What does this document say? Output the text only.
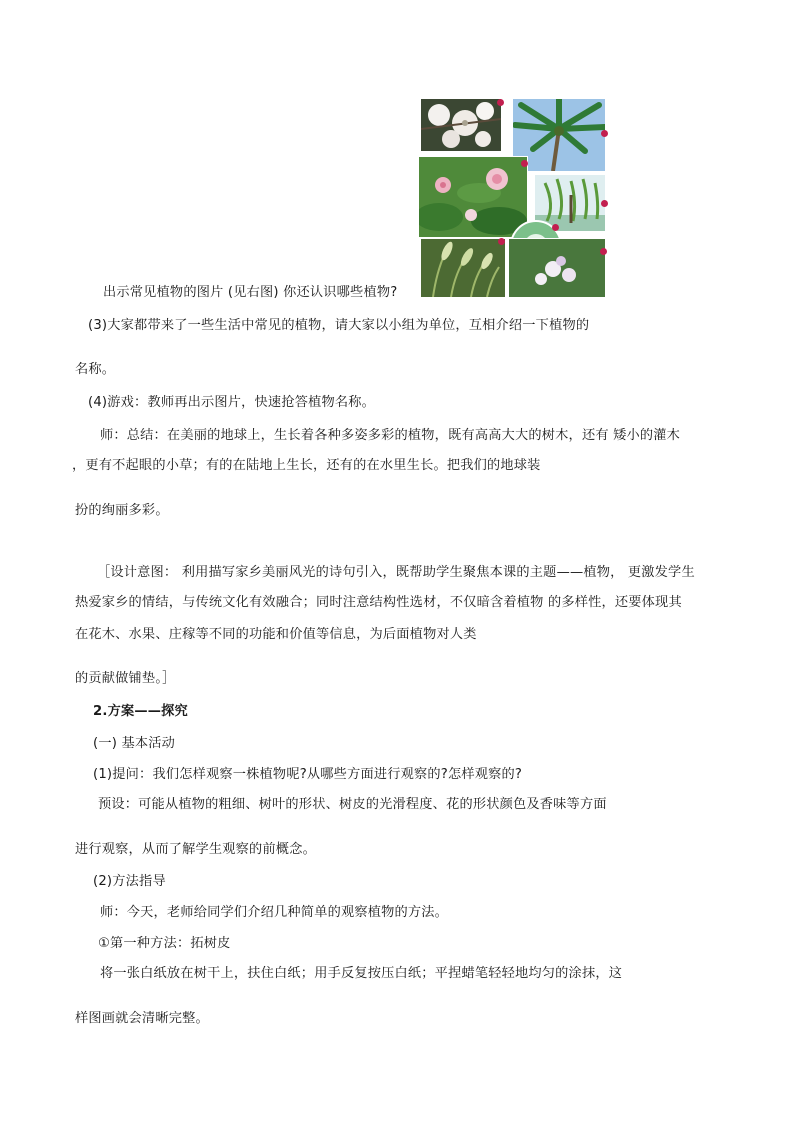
出示常见植物的图片 (见右图) 你还认识哪些植物?
(3)大家都带来了一些生活中常见的植物，请大家以小组为单位，互相介绍一下植物的
名称。
(4)游戏：教师再出示图片，快速抢答植物名称。
师：总结：在美丽的地球上，生长着各种多姿多彩的植物，既有高高大大的树木，还有 矮小的灌木
，更有不起眼的小草；有的在陆地上生长，还有的在水里生长。把我们的地球装
扮的绚丽多彩。
［设计意图： 利用描写家乡美丽风光的诗句引入，既帮助学生聚焦本课的主题——植物， 更激发学生
热爱家乡的情结，与传统文化有效融合；同时注意结构性选材，不仅暗含着植物 的多样性，还要体现其
在花木、水果、庄稼等不同的功能和价值等信息，为后面植物对人类
的贡献做铺垫。］
2.方案——探究
(一) 基本活动
(1)提问：我们怎样观察一株植物呢?从哪些方面进行观察的?怎样观察的?
预设：可能从植物的粗细、树叶的形状、树皮的光滑程度、花的形状颜色及香味等方面
进行观察，从而了解学生观察的前概念。
(2)方法指导
师：今天，老师给同学们介绍几种简单的观察植物的方法。
①第一种方法：拓树皮
将一张白纸放在树干上，扶住白纸；用手反复按压白纸；平捏蜡笔轻轻地均匀的涂抹，这
样图画就会清晰完整。
